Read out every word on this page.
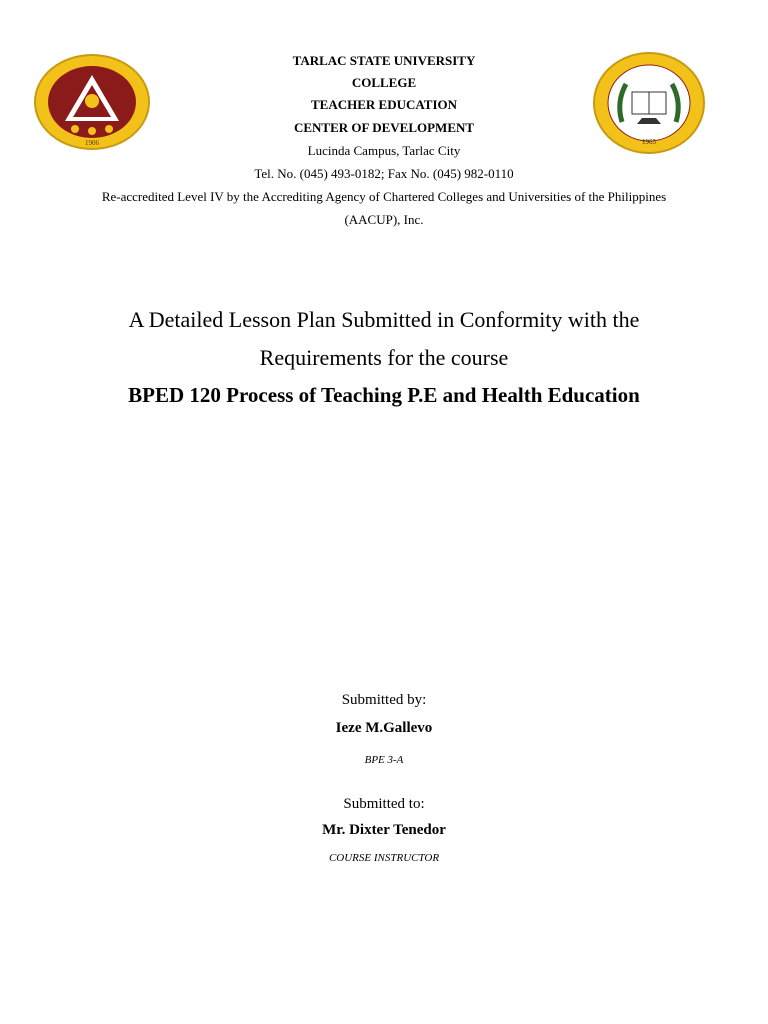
1906	1965

TARLAC STATE UNIVERSITY

COLLEGE

TEACHER EDUCATION

CENTER OF DEVELOPMENT

Lucinda Campus, Tarlac City

Tel. No. (045) 493-0182; Fax No. (045) 982-0110

Re-accredited Level IV by the Accrediting Agency of Chartered Colleges and Universities of the Philippines

(AACUP), Inc.

A Detailed Lesson Plan Submitted in Conformity with the

Requirements for the course

BPED 120 Process of Teaching P.E and Health Education

Submitted by:

Ieze M.Gallevo

BPE 3-A

Submitted to:

Mr. Dixter Tenedor

COURSE INSTRUCTOR
